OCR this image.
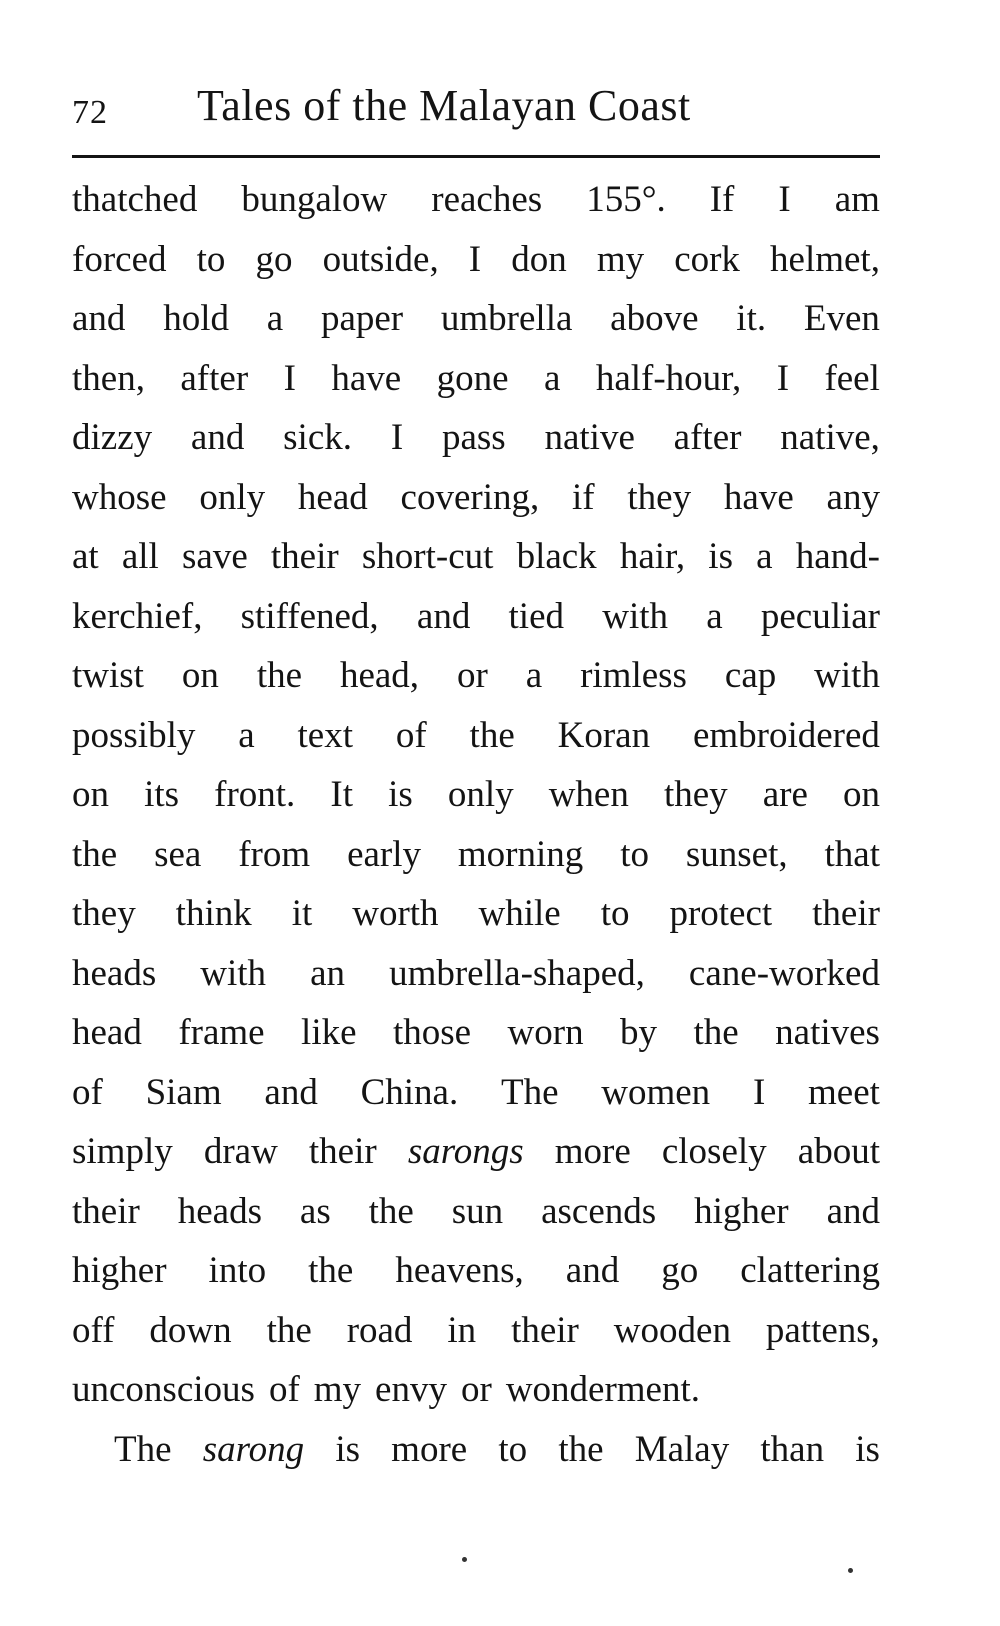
72 Tales of the Malayan Coast
thatched bungalow reaches 155°. If I am
forced to go outside, I don my cork helmet,
and hold a paper umbrella above it. Even
then, after I have gone a half-hour, I feel
dizzy and sick. I pass native after native,
whose only head covering, if they have any
at all save their short-cut black hair, is a hand-
kerchief, stiffened, and tied with a peculiar
twist on the head, or a rimless cap with
possibly a text of the Koran embroidered
on its front. It is only when they are on
the sea from early morning to sunset, that
they think it worth while to protect their
heads with an umbrella-shaped, cane-worked
head frame like those worn by the natives
of Siam and China. The women I meet
simply draw their sarongs more closely about
their heads as the sun ascends higher and
higher into the heavens, and go clattering
off down the road in their wooden pattens,
unconscious of my envy or wonderment.
The sarong is more to the Malay than is
